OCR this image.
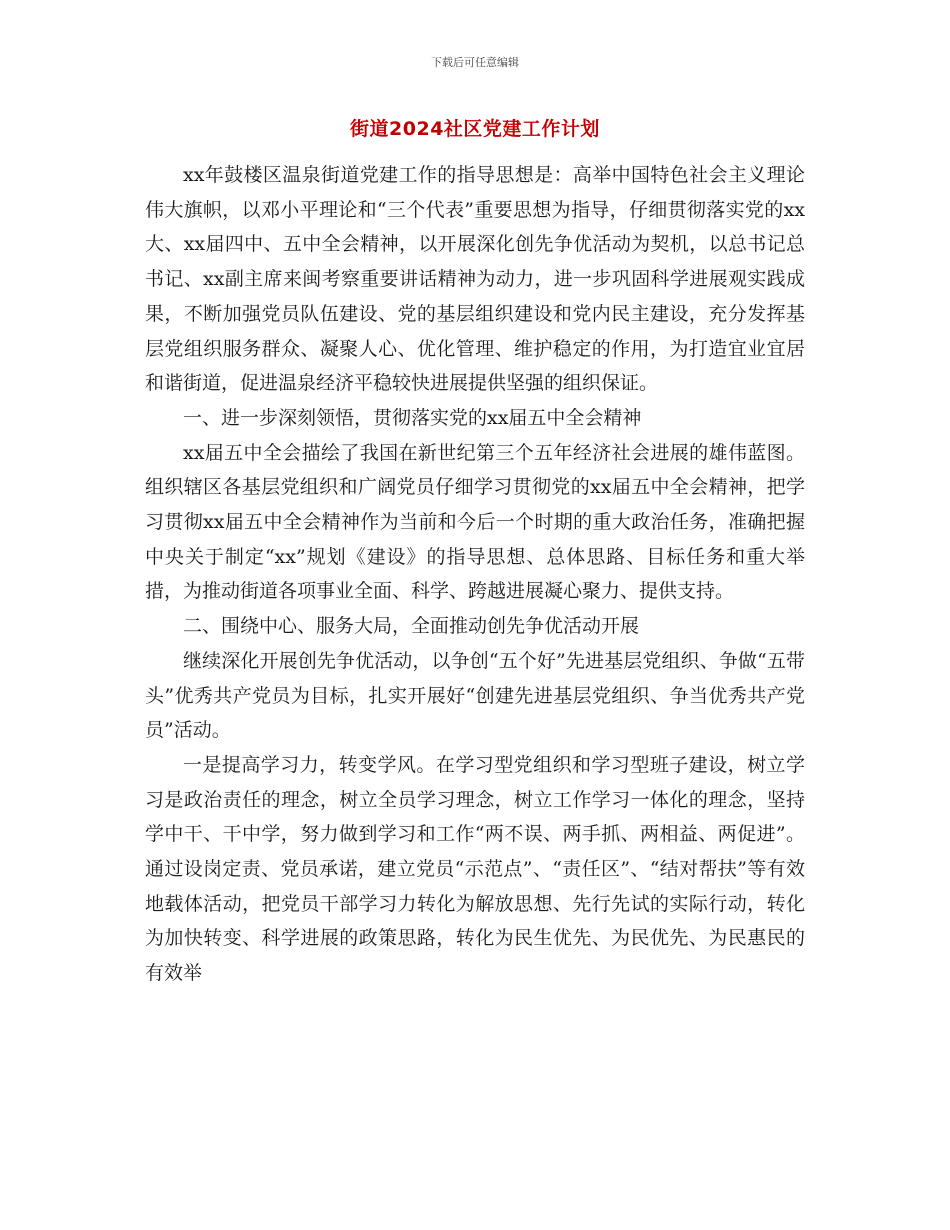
下载后可任意编辑
街道2024社区党建工作计划

xx年鼓楼区温泉街道党建工作的指导思想是：高举中国特色社会主义理论伟大旗帜，以邓小平理论和“三个代表”重要思想为指导，仔细贯彻落实党的xx大、xx届四中、五中全会精神，以开展深化创先争优活动为契机，以总书记总书记、xx副主席来闽考察重要讲话精神为动力，进一步巩固科学进展观实践成果，不断加强党员队伍建设、党的基层组织建设和党内民主建设，充分发挥基层党组织服务群众、凝聚人心、优化管理、维护稳定的作用，为打造宜业宜居和谐街道，促进温泉经济平稳较快进展提供坚强的组织保证。

一、进一步深刻领悟，贯彻落实党的xx届五中全会精神

xx届五中全会描绘了我国在新世纪第三个五年经济社会进展的雄伟蓝图。组织辖区各基层党组织和广阔党员仔细学习贯彻党的xx届五中全会精神，把学习贯彻xx届五中全会精神作为当前和今后一个时期的重大政治任务，准确把握中央关于制定“xx”规划《建设》的指导思想、总体思路、目标任务和重大举措，为推动街道各项事业全面、科学、跨越进展凝心聚力、提供支持。

二、围绕中心、服务大局，全面推动创先争优活动开展

继续深化开展创先争优活动，以争创“五个好”先进基层党组织、争做“五带头”优秀共产党员为目标，扎实开展好“创建先进基层党组织、争当优秀共产党员”活动。

一是提高学习力，转变学风。在学习型党组织和学习型班子建设，树立学习是政治责任的理念，树立全员学习理念，树立工作学习一体化的理念，坚持学中干、干中学，努力做到学习和工作“两不误、两手抓、两相益、两促进”。通过设岗定责、党员承诺，建立党员“示范点”、“责任区”、“结对帮扶”等有效地载体活动，把党员干部学习力转化为解放思想、先行先试的实际行动，转化为加快转变、科学进展的政策思路，转化为民生优先、为民优先、为民惠民的有效举
